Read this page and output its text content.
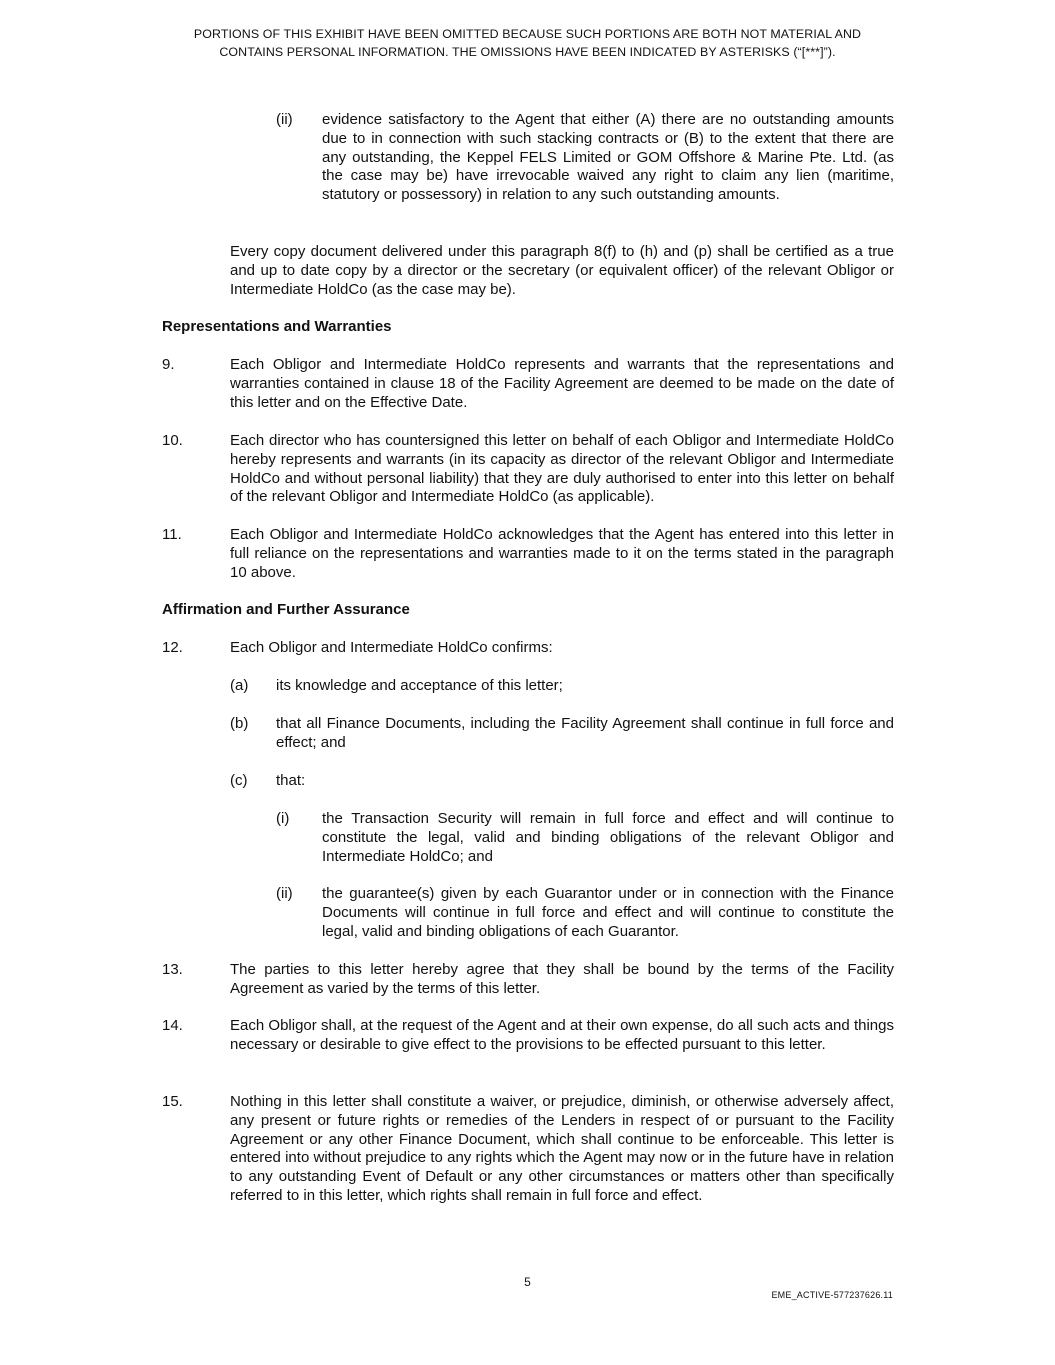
PORTIONS OF THIS EXHIBIT HAVE BEEN OMITTED BECAUSE SUCH PORTIONS ARE BOTH NOT MATERIAL AND
CONTAINS PERSONAL INFORMATION. THE OMISSIONS HAVE BEEN INDICATED BY ASTERISKS (“[***]”).
(ii) evidence satisfactory to the Agent that either (A) there are no outstanding amounts due to in connection with such stacking contracts or (B) to the extent that there are any outstanding, the Keppel FELS Limited or GOM Offshore & Marine Pte. Ltd. (as the case may be) have irrevocable waived any right to claim any lien (maritime, statutory or possessory) in relation to any such outstanding amounts.
Every copy document delivered under this paragraph 8(f) to (h) and (p) shall be certified as a true and up to date copy by a director or the secretary (or equivalent officer) of the relevant Obligor or Intermediate HoldCo (as the case may be).
Representations and Warranties
9.	Each Obligor and Intermediate HoldCo represents and warrants that the representations and warranties contained in clause 18 of the Facility Agreement are deemed to be made on the date of this letter and on the Effective Date.
10.	Each director who has countersigned this letter on behalf of each Obligor and Intermediate HoldCo hereby represents and warrants (in its capacity as director of the relevant Obligor and Intermediate HoldCo and without personal liability) that they are duly authorised to enter into this letter on behalf of the relevant Obligor and Intermediate HoldCo (as applicable).
11.	Each Obligor and Intermediate HoldCo acknowledges that the Agent has entered into this letter in full reliance on the representations and warranties made to it on the terms stated in the paragraph 10 above.
Affirmation and Further Assurance
12.	Each Obligor and Intermediate HoldCo confirms:
(a) its knowledge and acceptance of this letter;
(b) that all Finance Documents, including the Facility Agreement shall continue in full force and effect; and
(c) that:
(i) the Transaction Security will remain in full force and effect and will continue to constitute the legal, valid and binding obligations of the relevant Obligor and Intermediate HoldCo; and
(ii) the guarantee(s) given by each Guarantor under or in connection with the Finance Documents will continue in full force and effect and will continue to constitute the legal, valid and binding obligations of each Guarantor.
13.	The parties to this letter hereby agree that they shall be bound by the terms of the Facility Agreement as varied by the terms of this letter.
14.	Each Obligor shall, at the request of the Agent and at their own expense, do all such acts and things necessary or desirable to give effect to the provisions to be effected pursuant to this letter.
15.	Nothing in this letter shall constitute a waiver, or prejudice, diminish, or otherwise adversely affect, any present or future rights or remedies of the Lenders in respect of or pursuant to the Facility Agreement or any other Finance Document, which shall continue to be enforceable. This letter is entered into without prejudice to any rights which the Agent may now or in the future have in relation to any outstanding Event of Default or any other circumstances or matters other than specifically referred to in this letter, which rights shall remain in full force and effect.
5
EME_ACTIVE-577237626.11
